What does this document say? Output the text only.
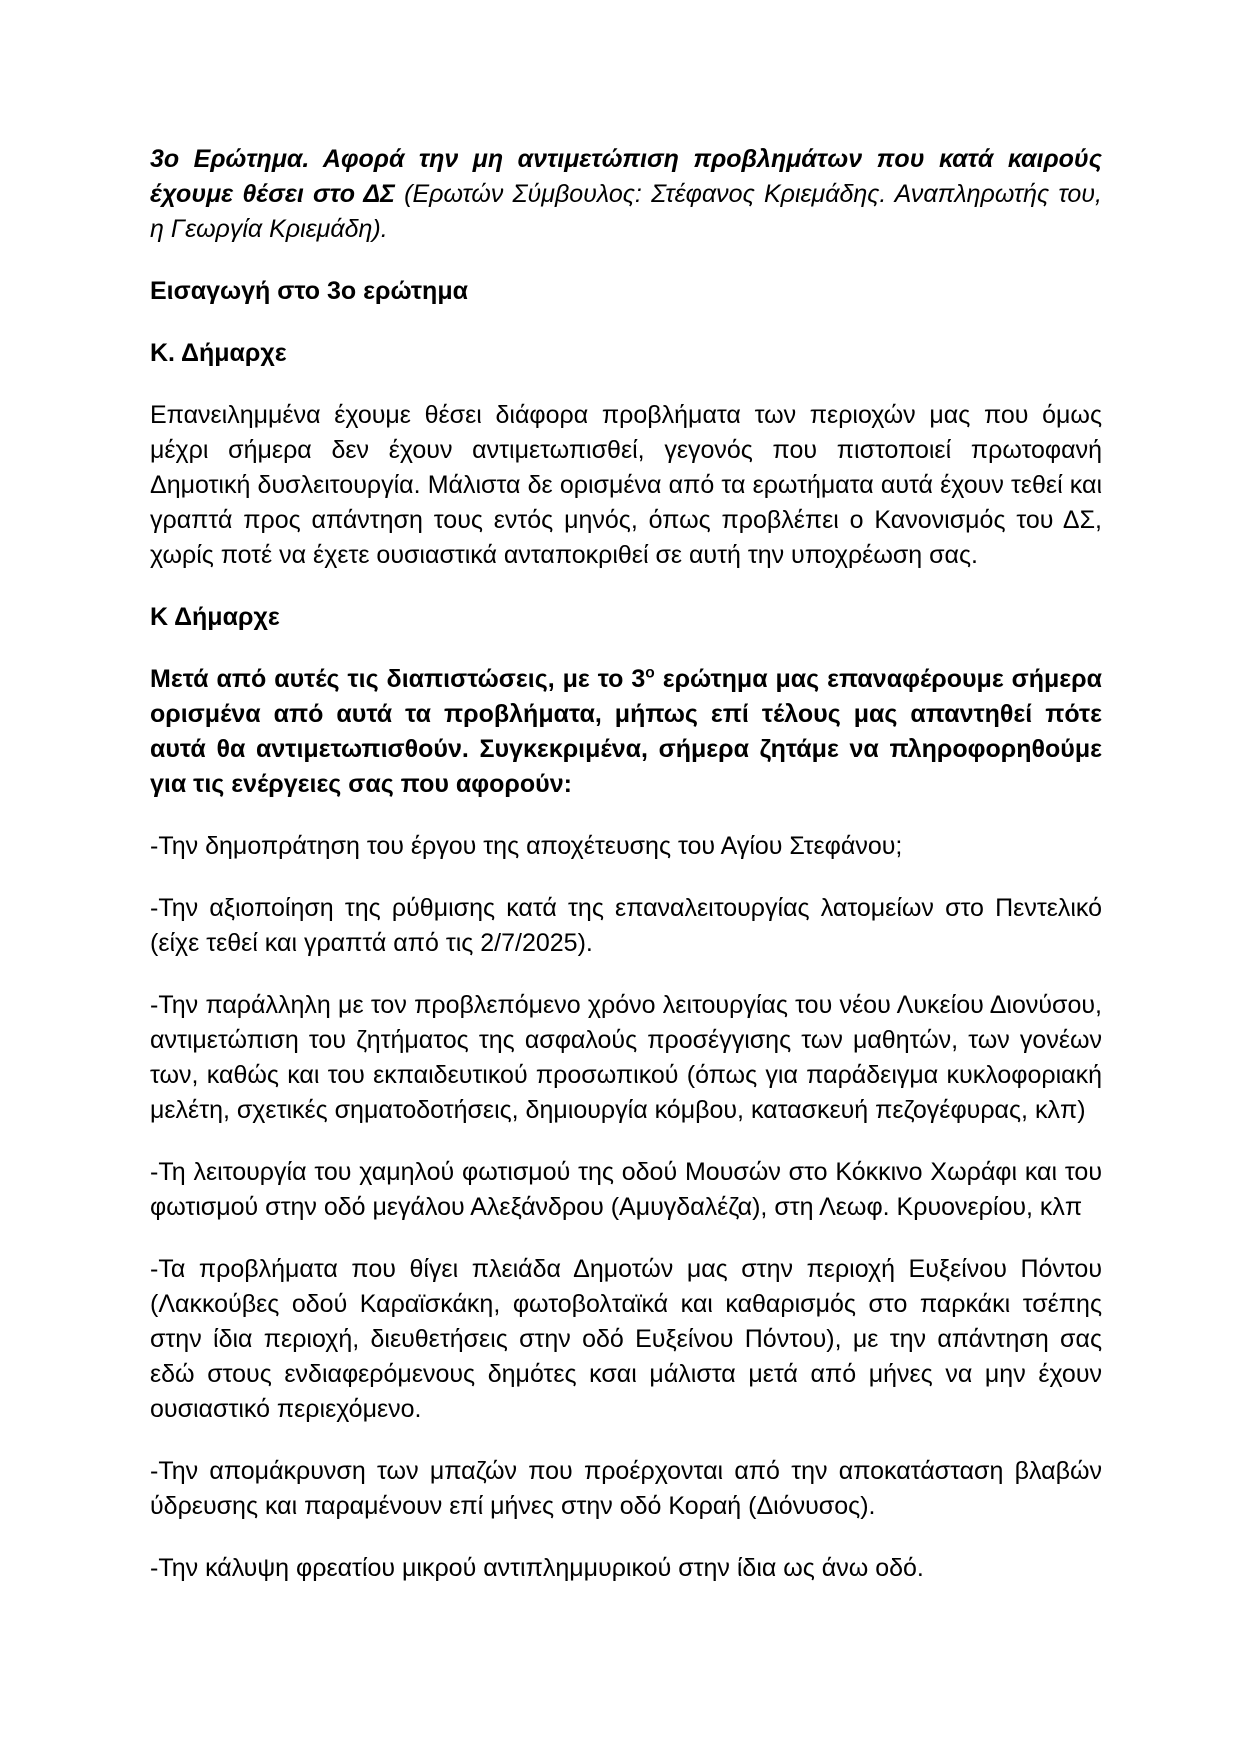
3ο Ερώτημα. Αφορά την μη αντιμετώπιση προβλημάτων που κατά καιρούς έχουμε θέσει στο ΔΣ (Ερωτών Σύμβουλος: Στέφανος Κριεμάδης. Αναπληρωτής του, η Γεωργία Κριεμάδη).

Εισαγωγή στο 3ο ερώτημα

Κ. Δήμαρχε

Επανειλημμένα έχουμε θέσει διάφορα προβλήματα των περιοχών μας που όμως μέχρι σήμερα δεν έχουν αντιμετωπισθεί, γεγονός που πιστοποιεί πρωτοφανή Δημοτική δυσλειτουργία. Μάλιστα δε ορισμένα από τα ερωτήματα αυτά έχουν τεθεί και γραπτά προς απάντηση τους εντός μηνός, όπως προβλέπει ο Κανονισμός του ΔΣ, χωρίς ποτέ να έχετε ουσιαστικά ανταποκριθεί σε αυτή την υποχρέωση σας.

Κ Δήμαρχε

Μετά από αυτές τις διαπιστώσεις, με το $3^o$ ερώτημα μας επαναφέρουμε σήμερα ορισμένα από αυτά τα προβλήματα, μήπως επί τέλους μας απαντηθεί πότε αυτά θα αντιμετωπισθούν. Συγκεκριμένα, σήμερα ζητάμε να πληροφορηθούμε για τις ενέργειες σας που αφορούν:

-Την δημοπράτηση του έργου της αποχέτευσης του Αγίου Στεφάνου;

-Την αξιοποίηση της ρύθμισης κατά της επαναλειτουργίας λατομείων στο Πεντελικό (είχε τεθεί και γραπτά από τις 2/7/2025).

-Την παράλληλη με τον προβλεπόμενο χρόνο λειτουργίας του νέου Λυκείου Διονύσου, αντιμετώπιση του ζητήματος της ασφαλούς προσέγγισης των μαθητών, των γονέων των, καθώς και του εκπαιδευτικού προσωπικού (όπως για παράδειγμα κυκλοφοριακή μελέτη, σχετικές σηματοδοτήσεις, δημιουργία κόμβου, κατασκευή πεζογέφυρας, κλπ)

-Τη λειτουργία του χαμηλού φωτισμού της οδού Μουσών στο Κόκκινο Χωράφι και του φωτισμού στην οδό μεγάλου Αλεξάνδρου (Αμυγδαλέζα), στη Λεωφ. Κρυονερίου, κλπ

-Τα προβλήματα που θίγει πλειάδα Δημοτών μας στην περιοχή Ευξείνου Πόντου (Λακκούβες οδού Καραϊσκάκη, φωτοβολταϊκά και καθαρισμός στο παρκάκι τσέπης στην ίδια περιοχή, διευθετήσεις στην οδό Ευξείνου Πόντου), με την απάντηση σας εδώ στους ενδιαφερόμενους δημότες κσαι μάλιστα μετά από μήνες να μην έχουν ουσιαστικό περιεχόμενο.

-Την απομάκρυνση των μπαζών που προέρχονται από την αποκατάσταση βλαβών ύδρευσης και παραμένουν επί μήνες στην οδό Κοραή (Διόνυσος).

-Την κάλυψη φρεατίου μικρού αντιπλημμυρικού στην ίδια ως άνω οδό.
